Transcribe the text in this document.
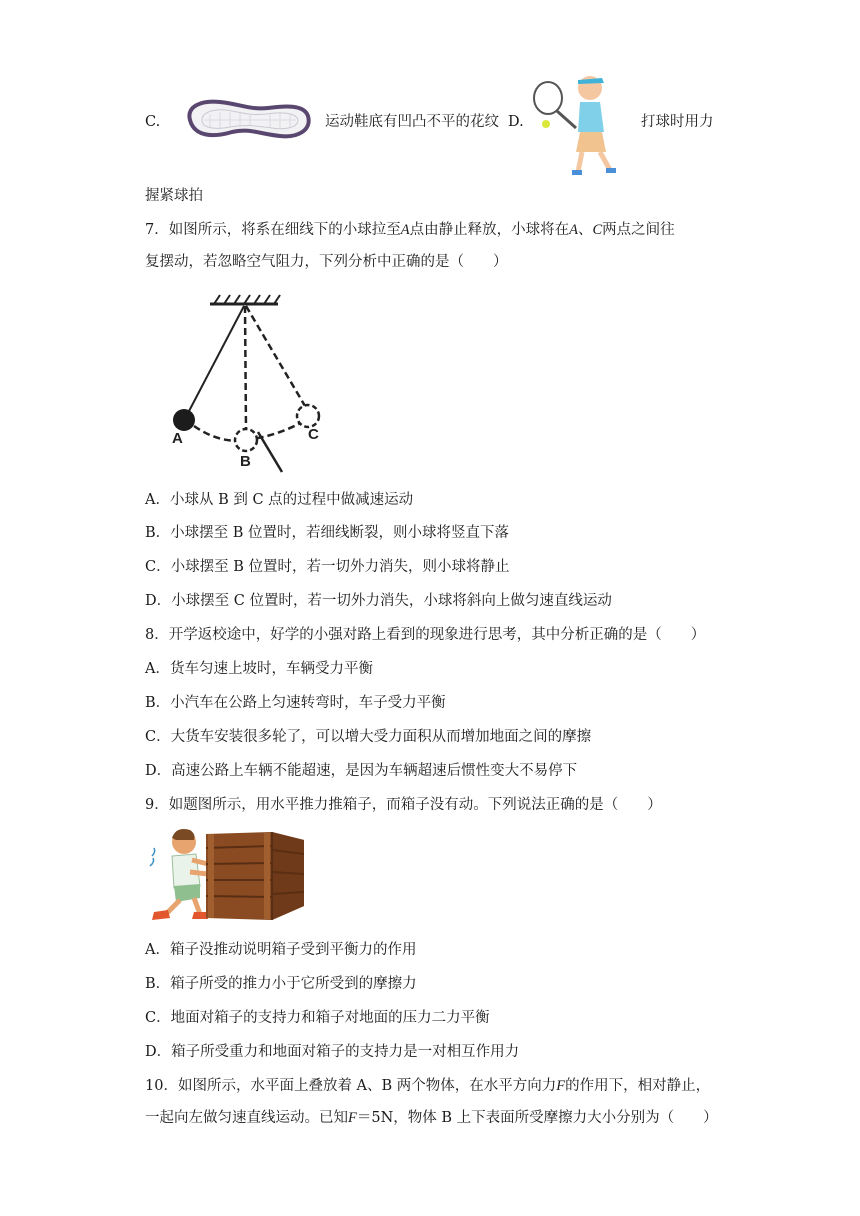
C.	运动鞋底有凹凸不平的花纹 D.	打球时用力
握紧球拍
7．如图所示，将系在细线下的小球拉至A点由静止释放，小球将在A、C两点之间往
复摆动，若忽略空气阻力，下列分析中正确的是（　　）
A
B
C
A．小球从 B 到 C 点的过程中做减速运动
B．小球摆至 B 位置时，若细线断裂，则小球将竖直下落
C．小球摆至 B 位置时，若一切外力消失，则小球将静止
D．小球摆至 C 位置时，若一切外力消失，小球将斜向上做匀速直线运动
8．开学返校途中，好学的小强对路上看到的现象进行思考，其中分析正确的是（　　）
A．货车匀速上坡时，车辆受力平衡
B．小汽车在公路上匀速转弯时，车子受力平衡
C．大货车安装很多轮了，可以增大受力面积从而增加地面之间的摩擦
D．高速公路上车辆不能超速，是因为车辆超速后惯性变大不易停下
9．如题图所示，用水平推力推箱子，而箱子没有动。下列说法正确的是（　　）
A．箱子没推动说明箱子受到平衡力的作用
B．箱子所受的推力小于它所受到的摩擦力
C．地面对箱子的支持力和箱子对地面的压力二力平衡
D．箱子所受重力和地面对箱子的支持力是一对相互作用力
10．如图所示，水平面上叠放着 A、B 两个物体，在水平方向力F的作用下，相对静止，
一起向左做匀速直线运动。已知F＝5N，物体 B 上下表面所受摩擦力大小分别为（　　）
